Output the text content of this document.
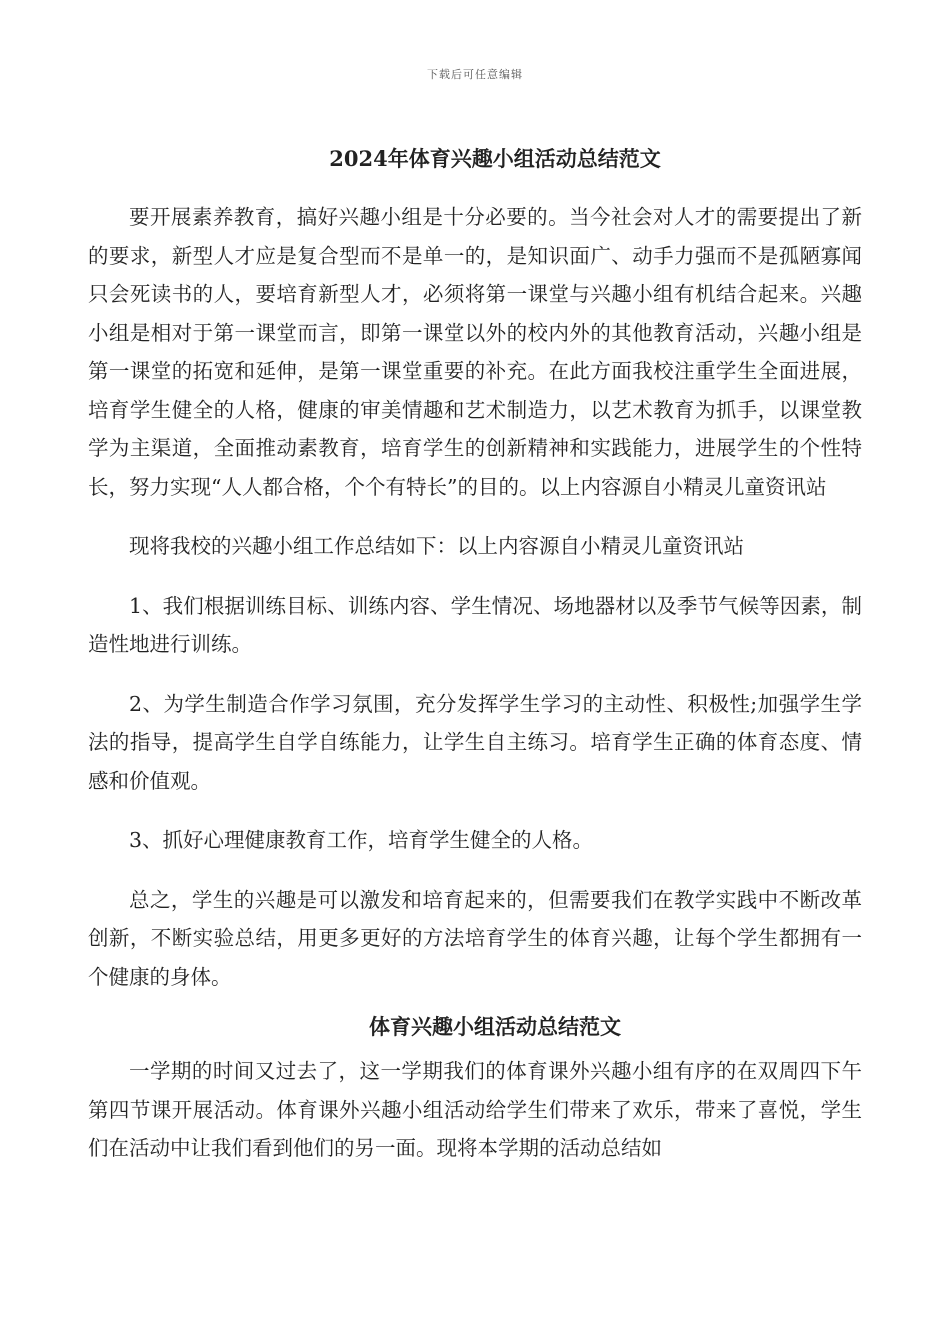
下载后可任意编辑
2024年体育兴趣小组活动总结范文

要开展素养教育，搞好兴趣小组是十分必要的。当今社会对人才的需要提出了新的要求，新型人才应是复合型而不是单一的，是知识面广、动手力强而不是孤陋寡闻只会死读书的人，要培育新型人才，必须将第一课堂与兴趣小组有机结合起来。兴趣小组是相对于第一课堂而言，即第一课堂以外的校内外的其他教育活动，兴趣小组是第一课堂的拓宽和延伸，是第一课堂重要的补充。在此方面我校注重学生全面进展，培育学生健全的人格，健康的审美情趣和艺术制造力，以艺术教育为抓手，以课堂教学为主渠道，全面推动素教育，培育学生的创新精神和实践能力，进展学生的个性特长，努力实现“人人都合格，个个有特长”的目的。以上内容源自小精灵儿童资讯站

现将我校的兴趣小组工作总结如下：以上内容源自小精灵儿童资讯站

1、我们根据训练目标、训练内容、学生情况、场地器材以及季节气候等因素，制造性地进行训练。

2、为学生制造合作学习氛围，充分发挥学生学习的主动性、积极性;加强学生学法的指导，提高学生自学自练能力，让学生自主练习。培育学生正确的体育态度、情感和价值观。

3、抓好心理健康教育工作，培育学生健全的人格。

总之，学生的兴趣是可以激发和培育起来的，但需要我们在教学实践中不断改革创新，不断实验总结，用更多更好的方法培育学生的体育兴趣，让每个学生都拥有一个健康的身体。

体育兴趣小组活动总结范文

一学期的时间又过去了，这一学期我们的体育课外兴趣小组有序的在双周四下午第四节课开展活动。体育课外兴趣小组活动给学生们带来了欢乐，带来了喜悦，学生们在活动中让我们看到他们的另一面。现将本学期的活动总结如
